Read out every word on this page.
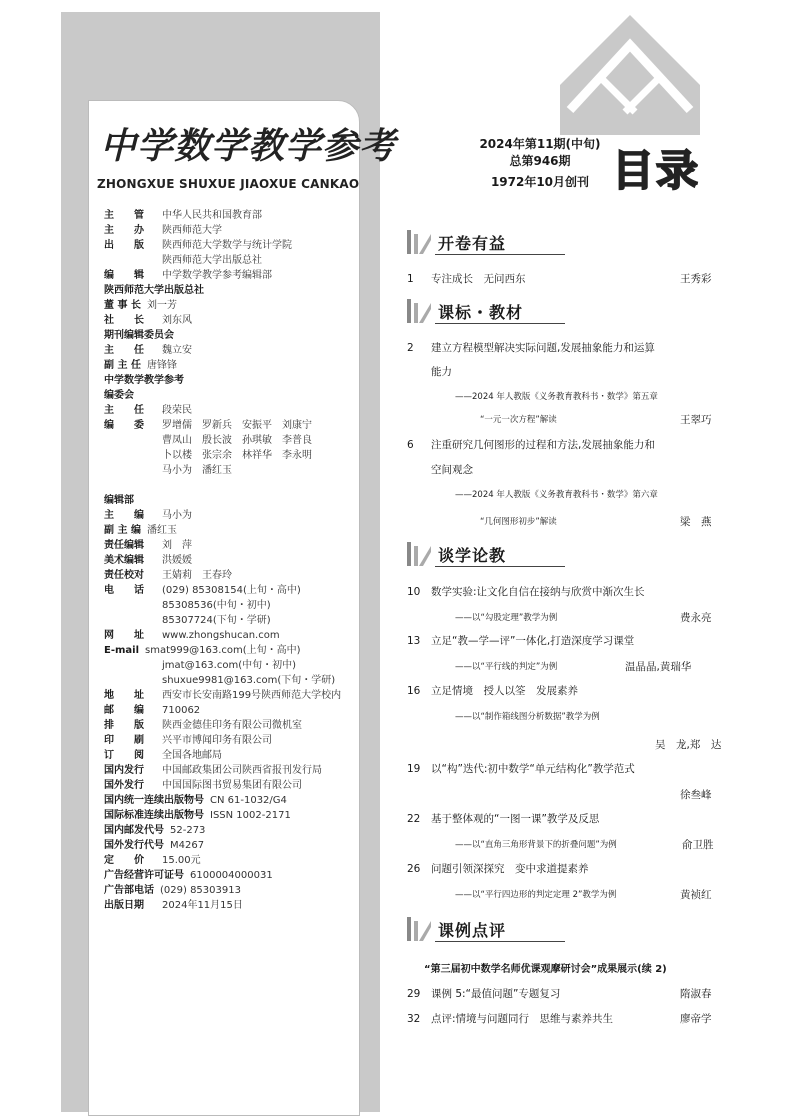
中学数学教学参考
ZHONGXUE SHUXUE JIAOXUE CANKAO
2024年第11期(中旬)
总第946期
1972年10月创刊 目录
主　　管 中华人民共和国教育部
主　　办 陕西师范大学
出　　版 陕西师范大学数学与统计学院
陕西师范大学出版总社
编　　辑 中学数学教学参考编辑部
陕西师范大学出版总社
董 事 长 刘一芳
社　　长 刘东风
期刊编辑委员会
主　　任 魏立安
副 主 任 唐锋锋
中学数学教学参考
编委会
主　　任 段荣民
编　　委 罗增儒　罗新兵　安振平　刘康宁
曹凤山　殷长波　孙琪敏　李普良
卜以楼　张宗余　林祥华　李永明
马小为　潘红玉
编辑部
主　　编 马小为
副 主 编 潘红玉
责任编辑 刘　萍
美术编辑 洪媛媛
责任校对 王婧莉　王春玲
电　　话 (029) 85308154(上旬・高中)
85308536(中旬・初中)
85307724(下旬・学研)
网　　址 www.zhongshucan.com
E-mail smat999@163.com(上旬・高中)
jmat@163.com(中旬・初中)
shuxue9981@163.com(下旬・学研)
地　　址 西安市长安南路199号陕西师范大学校内
邮　　编 710062
排　　版 陕西金德佳印务有限公司微机室
印　　刷 兴平市博闻印务有限公司
订　　阅 全国各地邮局
国内发行 中国邮政集团公司陕西省报刊发行局
国外发行 中国国际图书贸易集团有限公司
国内统一连续出版物号 CN 61-1032/G4
国际标准连续出版物号 ISSN 1002-2171
国内邮发代号 52-273
国外发行代号 M4267
定　　价 15.00元
广告经营许可证号 6100004000031
广告部电话 (029) 85303913
出版日期 2024年11月15日
开卷有益
课标・教材
谈学论教
课例点评
1 专注成长　无问西东	王秀彩
2 建立方程模型解决实际问题,发展抽象能力和运算
能力
——2024 年人教版《义务教育教科书・数学》第五章
“一元一次方程”解读	王翠巧
6 注重研究几何图形的过程和方法,发展抽象能力和
空间观念
——2024 年人教版《义务教育教科书・数学》第六章
“几何图形初步”解读	梁　燕
10 数学实验:让文化自信在接纳与欣赏中渐次生长
——以“勾股定理”教学为例	费永亮
13 立足“教—学—评”一体化,打造深度学习课堂
——以“平行线的判定”为例	温晶晶,黄瑞华
16 立足情境　授人以筌　发展素养
——以“制作箱线图分析数据”教学为例
吴　龙,郑　达
19 以“构”迭代:初中数学“单元结构化”教学范式
徐叁峰
22 基于整体观的“一图一课”教学及反思
——以“直角三角形背景下的折叠问题”为例	俞卫胜
26 问题引领深探究　变中求道提素养
——以“平行四边形的判定定理 2”教学为例	黄祯红
“第三届初中数学名师优课观摩研讨会”成果展示(续 2)
29 课例 5:“最值问题”专题复习	隋淑春
32 点评:情境与问题同行　思维与素养共生	廖帝学
